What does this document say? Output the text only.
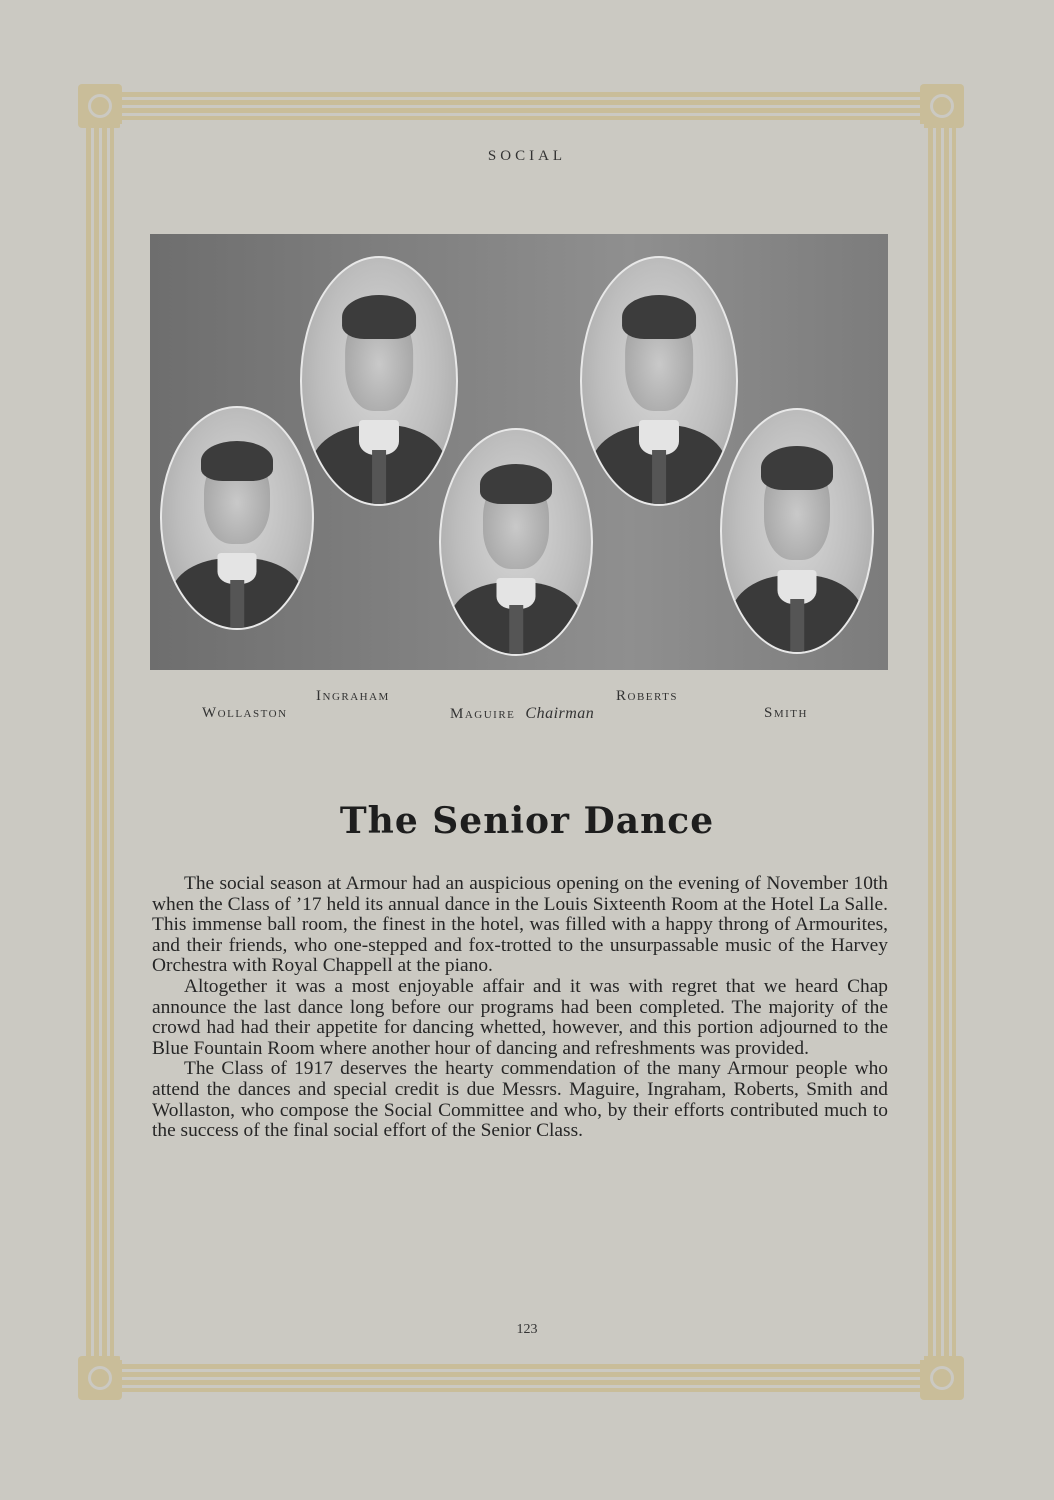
SOCIAL
Ingraham	Roberts
Wollaston	Maguire Chairman	Smith
The Senior Dance

The social season at Armour had an auspicious opening on the evening of November 10th when the Class of ’17 held its annual dance in the Louis Sixteenth Room at the Hotel La Salle. This immense ball room, the finest in the hotel, was filled with a happy throng of Armourites, and their friends, who one-stepped and fox-trotted to the unsurpassable music of the Harvey Orchestra with Royal Chappell at the piano.

Altogether it was a most enjoyable affair and it was with regret that we heard Chap announce the last dance long before our programs had been completed. The majority of the crowd had had their appetite for dancing whetted, however, and this portion adjourned to the Blue Fountain Room where another hour of dancing and refreshments was provided.

The Class of 1917 deserves the hearty commendation of the many Armour people who attend the dances and special credit is due Messrs. Maguire, Ingraham, Roberts, Smith and Wollaston, who compose the Social Committee and who, by their efforts contributed much to the success of the final social effort of the Senior Class.

123
